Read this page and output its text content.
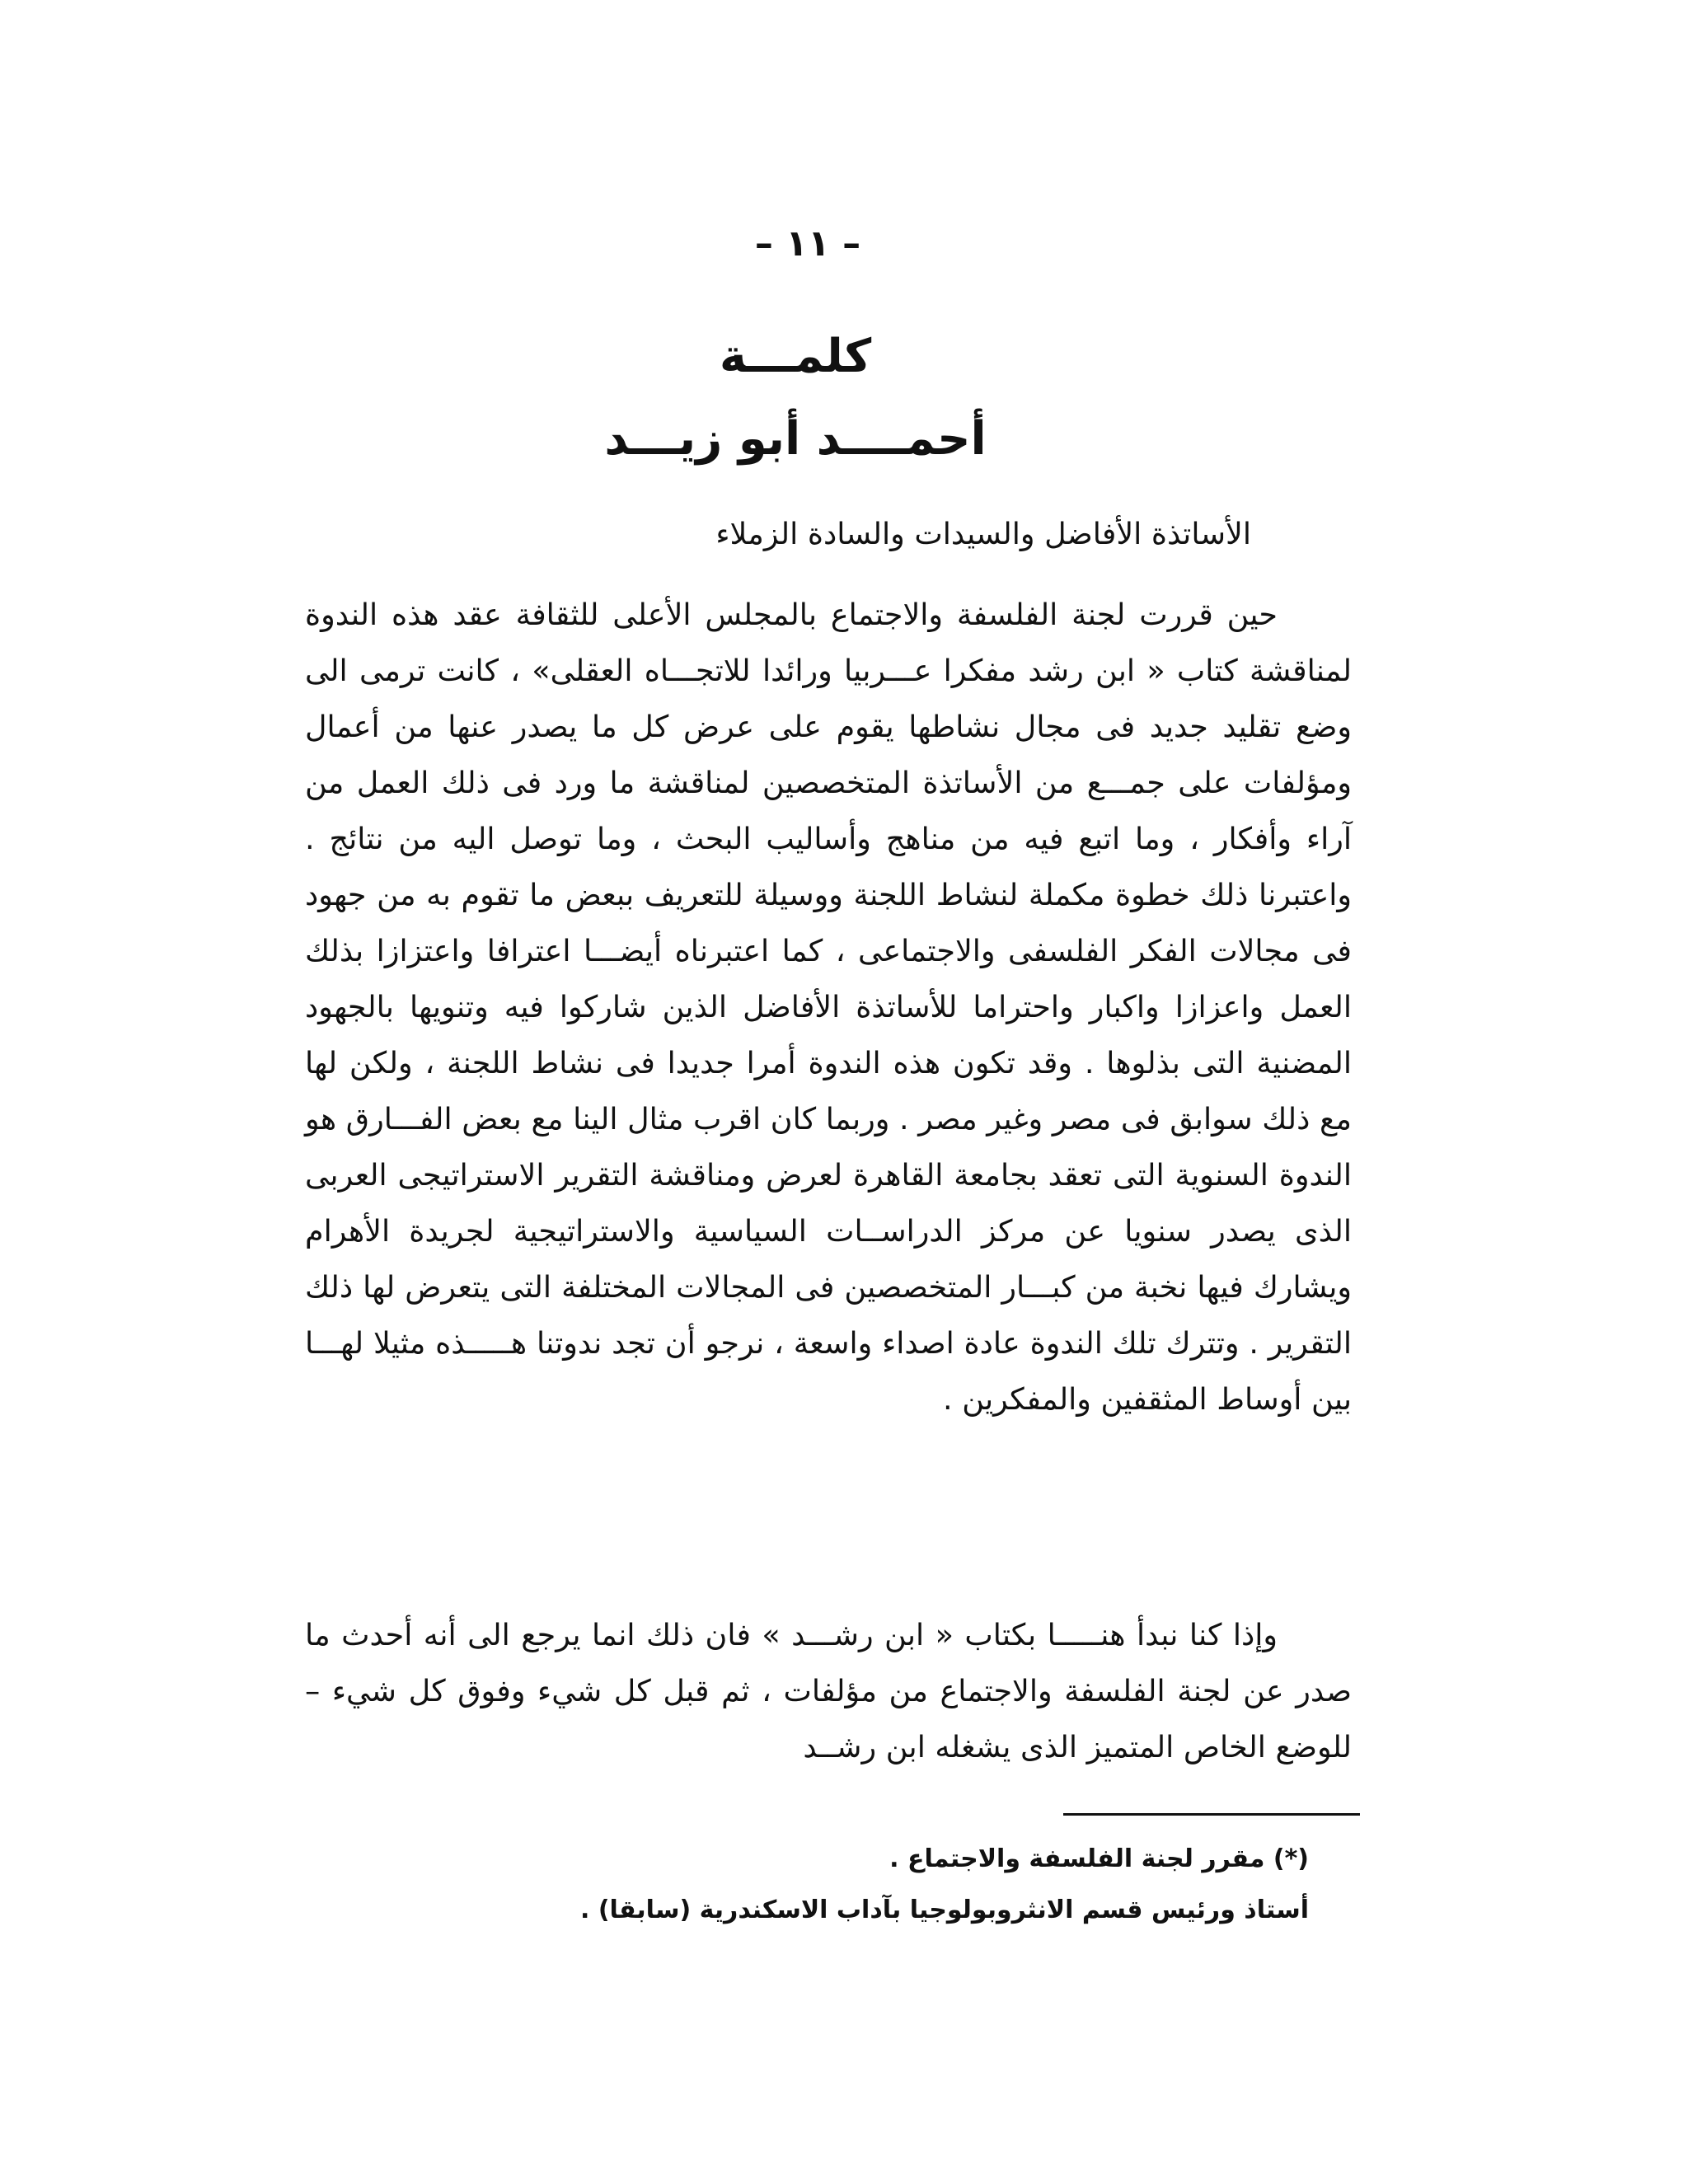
– ١١ –
كلمـــة
أحمــــد أبو زيـــد
الأساتذة الأفاضل والسيدات والسادة الزملاء

حين قررت لجنة الفلسفة والاجتماع بالمجلس الأعلى للثقافة عقد هذه الندوة لمناقشة كتاب « ابن رشد مفكرا عـــربيا ورائدا للاتجـــاه العقلى» ، كانت ترمى الى وضع تقليد جديد فى مجال نشاطها يقوم على عرض كل ما يصدر عنها من أعمال ومؤلفات على جمـــع من الأساتذة المتخصصين لمناقشة ما ورد فى ذلك العمل من آراء وأفكار ، وما اتبع فيه من مناهج وأساليب البحث ، وما توصل اليه من نتائج . واعتبرنا ذلك خطوة مكملة لنشاط اللجنة ووسيلة للتعريف ببعض ما تقوم به من جهود فى مجالات الفكر الفلسفى والاجتماعى ، كما اعتبرناه أيضـــا اعترافا واعتزازا بذلك العمل واعزازا واكبار واحتراما للأساتذة الأفاضل الذين شاركوا فيه وتنويها بالجهود المضنية التى بذلوها . وقد تكون هذه الندوة أمرا جديدا فى نشاط اللجنة ، ولكن لها مع ذلك سوابق فى مصر وغير مصر . وربما كان اقرب مثال الينا مع بعض الفـــارق هو الندوة السنوية التى تعقد بجامعة القاهرة لعرض ومناقشة التقرير الاستراتيجى العربى الذى يصدر سنويا عن مركز الدراســات السياسية والاستراتيجية لجريدة الأهرام ويشارك فيها نخبة من كبـــار المتخصصين فى المجالات المختلفة التى يتعرض لها ذلك التقرير . وتترك تلك الندوة عادة اصداء واسعة ، نرجو أن تجد ندوتنا هـــــذه مثيلا لهـــا بين أوساط المثقفين والمفكرين .

وإذا كنا نبدأ هنـــــا بكتاب « ابن رشـــد » فان ذلك انما يرجع الى أنه أحدث ما صدر عن لجنة الفلسفة والاجتماع من مؤلفات ، ثم قبل كل شيء وفوق كل شيء – للوضع الخاص المتميز الذى يشغله ابن رشــد

(*) مقرر لجنة الفلسفة والاجتماع .
أستاذ ورئيس قسم الانثروبولوجيا بآداب الاسكندرية (سابقا) .
